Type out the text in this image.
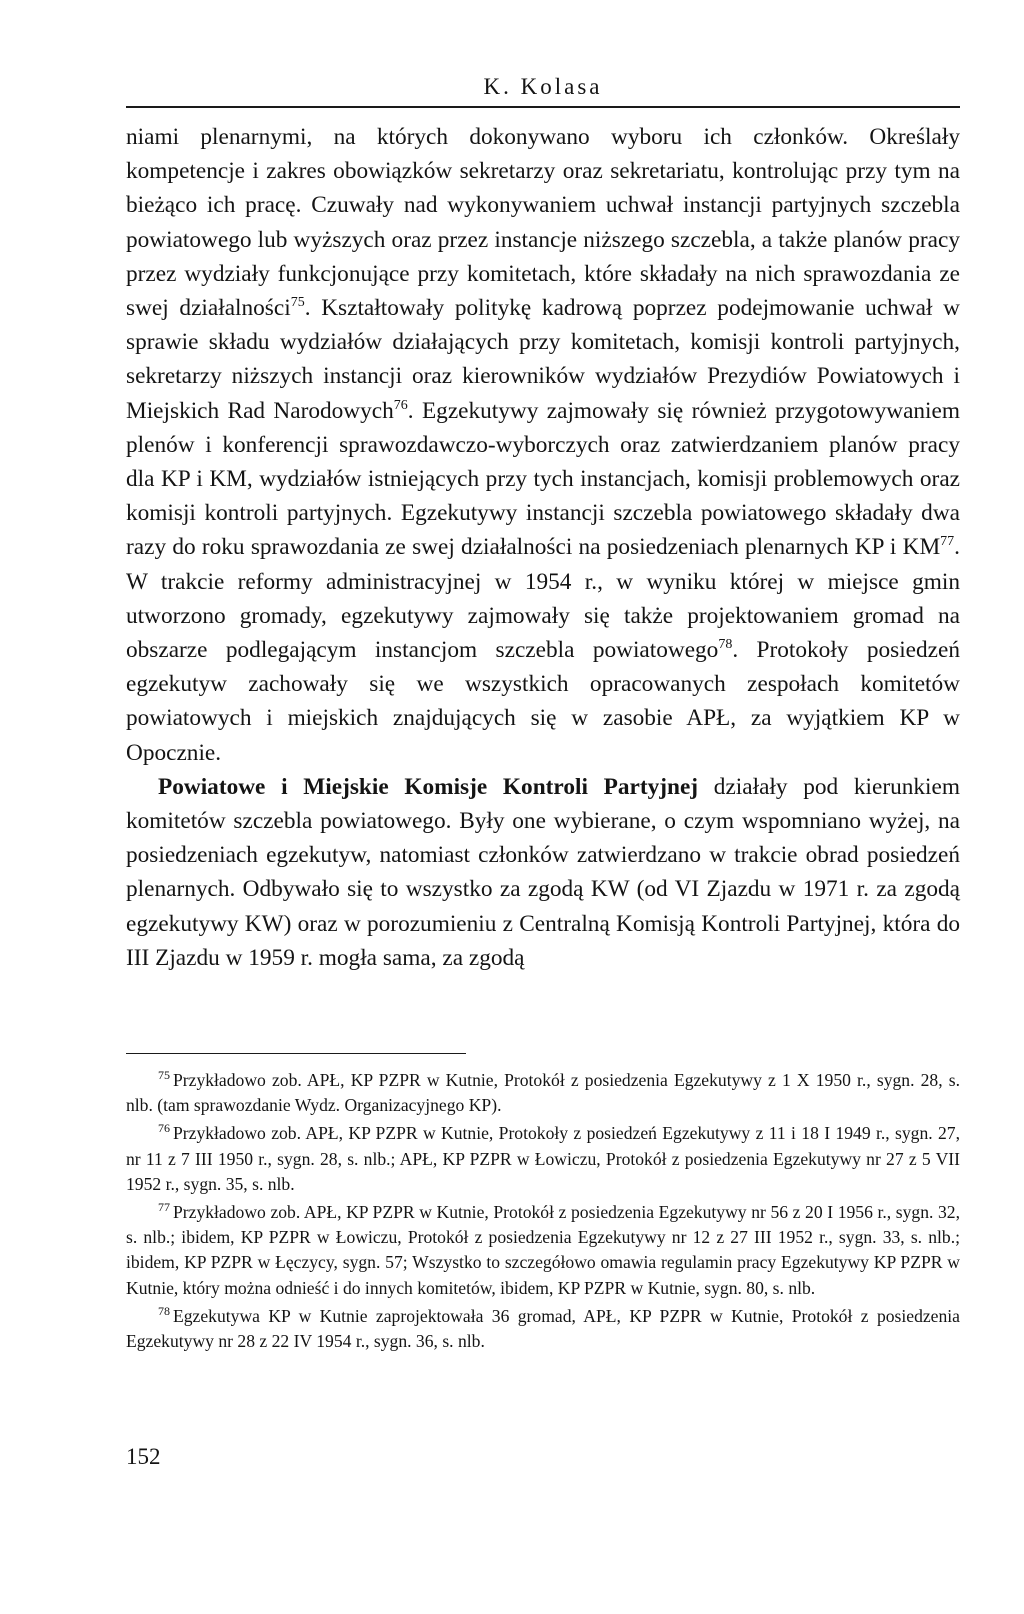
K. Kolasa

niami plenarnymi, na których dokonywano wyboru ich członków. Określały kompetencje i zakres obowiązków sekretarzy oraz sekretariatu, kontrolując przy tym na bieżąco ich pracę. Czuwały nad wykonywaniem uchwał instancji partyjnych szczebla powiatowego lub wyższych oraz przez instancje niższego szczebla, a także planów pracy przez wydziały funkcjonujące przy komitetach, które składały na nich sprawozdania ze swej działalności$^{75}$. Kształtowały politykę kadrową poprzez podejmowanie uchwał w sprawie składu wydziałów działających przy komitetach, komisji kontroli partyjnych, sekretarzy niższych instancji oraz kierowników wydziałów Prezydiów Powiatowych i Miejskich Rad Narodowych$^{76}$. Egzekutywy zajmowały się również przygotowywaniem plenów i konferencji sprawozdawczo-wyborczych oraz zatwierdzaniem planów pracy dla KP i KM, wydziałów istniejących przy tych instancjach, komisji problemowych oraz komisji kontroli partyjnych. Egzekutywy instancji szczebla powiatowego składały dwa razy do roku sprawozdania ze swej działalności na posiedzeniach plenarnych KP i KM$^{77}$. W trakcie reformy administracyjnej w 1954 r., w wyniku której w miejsce gmin utworzono gromady, egzekutywy zajmowały się także projektowaniem gromad na obszarze podlegającym instancjom szczebla powiatowego$^{78}$. Protokoły posiedzeń egzekutyw zachowały się we wszystkich opracowanych zespołach komitetów powiatowych i miejskich znajdujących się w zasobie APŁ, za wyjątkiem KP w Opocznie.

Powiatowe i Miejskie Komisje Kontroli Partyjnej działały pod kierunkiem komitetów szczebla powiatowego. Były one wybierane, o czym wspomniano wyżej, na posiedzeniach egzekutyw, natomiast członków zatwierdzano w trakcie obrad posiedzeń plenarnych. Odbywało się to wszystko za zgodą KW (od VI Zjazdu w 1971 r. za zgodą egzekutywy KW) oraz w porozumieniu z Centralną Komisją Kontroli Partyjnej, która do III Zjazdu w 1959 r. mogła sama, za zgodą

$^{75}$ Przykładowo zob. APŁ, KP PZPR w Kutnie, Protokół z posiedzenia Egzekutywy z 1 X 1950 r., sygn. 28, s. nlb. (tam sprawozdanie Wydz. Organizacyjnego KP).

$^{76}$ Przykładowo zob. APŁ, KP PZPR w Kutnie, Protokoły z posiedzeń Egzekutywy z 11 i 18 I 1949 r., sygn. 27, nr 11 z 7 III 1950 r., sygn. 28, s. nlb.; APŁ, KP PZPR w Łowiczu, Protokół z posiedzenia Egzekutywy nr 27 z 5 VII 1952 r., sygn. 35, s. nlb.

$^{77}$ Przykładowo zob. APŁ, KP PZPR w Kutnie, Protokół z posiedzenia Egzekutywy nr 56 z 20 I 1956 r., sygn. 32, s. nlb.; ibidem, KP PZPR w Łowiczu, Protokół z posiedzenia Egzekutywy nr 12 z 27 III 1952 r., sygn. 33, s. nlb.; ibidem, KP PZPR w Łęczycy, sygn. 57; Wszystko to szczegółowo omawia regulamin pracy Egzekutywy KP PZPR w Kutnie, który można odnieść i do innych komitetów, ibidem, KP PZPR w Kutnie, sygn. 80, s. nlb.

$^{78}$ Egzekutywa KP w Kutnie zaprojektowała 36 gromad, APŁ, KP PZPR w Kutnie, Protokół z posiedzenia Egzekutywy nr 28 z 22 IV 1954 r., sygn. 36, s. nlb.

152
